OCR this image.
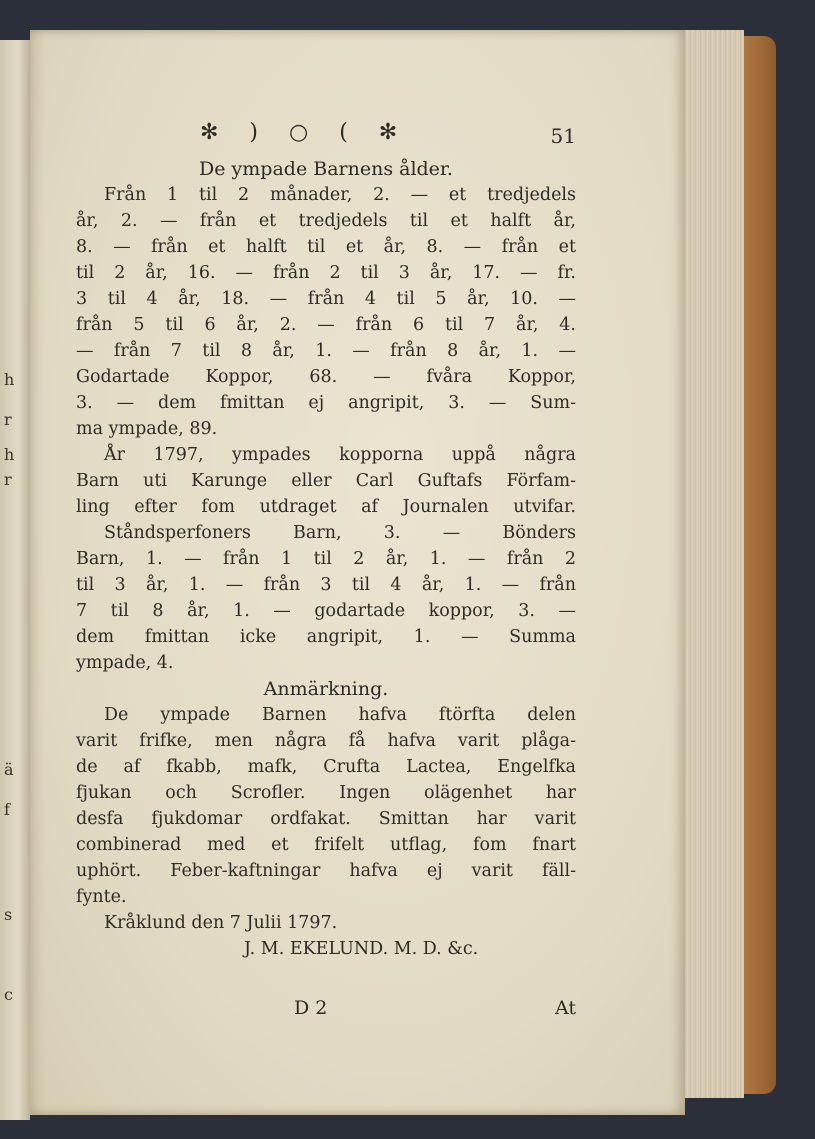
h
r
h
r
ä
f
s
c
✻ ) ○ ( ✻	51
De ympade Barnens ålder.
Från 1 til 2 månader, 2. — et tredjedels
år, 2. — från et tredjedels til et halft år,
8. — från et halft til et år, 8. — från et
til 2 år, 16. — från 2 til 3 år, 17. — fr.
3 til 4 år, 18. — från 4 til 5 år, 10. —
från 5 til 6 år, 2. — från 6 til 7 år, 4.
— från 7 til 8 år, 1. — från 8 år, 1. —
Godartade Koppor, 68. — fvåra Koppor,
3. — dem fmittan ej angripit, 3. — Sum-
ma ympade, 89.
År 1797, ympades kopporna uppå några
Barn uti Karunge eller Carl Guftafs Förfam-
ling efter fom utdraget af Journalen utvifar.
Ståndsperfoners Barn, 3. — Bönders
Barn, 1. — från 1 til 2 år, 1. — från 2
til 3 år, 1. — från 3 til 4 år, 1. — från
7 til 8 år, 1. — godartade koppor, 3. —
dem fmittan icke angripit, 1. — Summa
ympade, 4.
Anmärkning.
De ympade Barnen hafva ftörfta delen
varit frifke, men några få hafva varit plåga-
de af fkabb, mafk, Crufta Lactea, Engelfka
fjukan och Scrofler. Ingen olägenhet har
desfa fjukdomar ordfakat. Smittan har varit
combinerad med et frifelt utflag, fom fnart
uphört. Feber-kaftningar hafva ej varit fäll-
fynte.
Kråklund den 7 Julii 1797.
J. M. EKELUND. M. D. &c.
D 2	At
